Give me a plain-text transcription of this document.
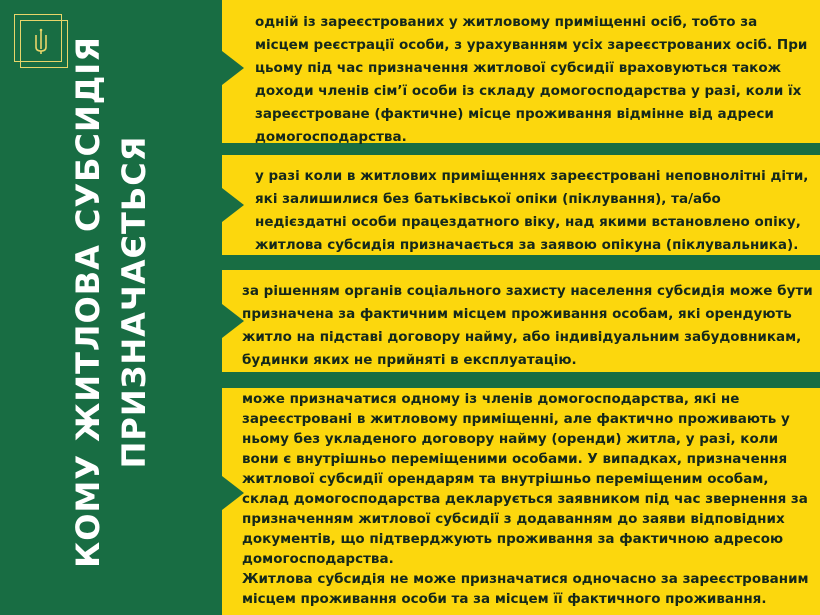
КОМУ ЖИТЛОВА СУБСИДІЯ ПРИЗНАЧАЄТЬСЯ

одній із зареєстрованих у житловому приміщенні осіб, тобто за місцем реєстрації особи, з урахуванням усіх зареєстрованих осіб. При цьому під час призначення житлової субсидії враховуються також доходи членів сім’ї особи із складу домогосподарства у разі, коли їх зареєстроване (фактичне) місце проживання відмінне від адреси домогосподарства.

у разі коли в житлових приміщеннях зареєстровані неповнолітні діти, які залишилися без батьківської опіки (піклування), та/або недієздатні особи працездатного віку, над якими встановлено опіку, житлова субсидія призначається за заявою опікуна (піклувальника).

за рішенням органів соціального захисту населення субсидія може бути призначена за фактичним місцем проживання особам, які орендують житло на підставі договору найму, або індивідуальним забудовникам, будинки яких не прийняті в експлуатацію.

може призначатися одному із членів домогосподарства, які не зареєстровані в житловому приміщенні, але фактично проживають у ньому без укладеного договору найму (оренди) житла, у разі, коли вони є внутрішньо переміщеними особами. У випадках, призначення житлової субсидії орендарям та внутрішньо переміщеним особам, склад домогосподарства декларується заявником під час звернення за призначенням житлової субсидії з додаванням до заяви відповідних документів, що підтверджують проживання за фактичною адресою домогосподарства.

Житлова субсидія не може призначатися одночасно за зареєстрованим місцем проживання особи та за місцем її фактичного проживання.
